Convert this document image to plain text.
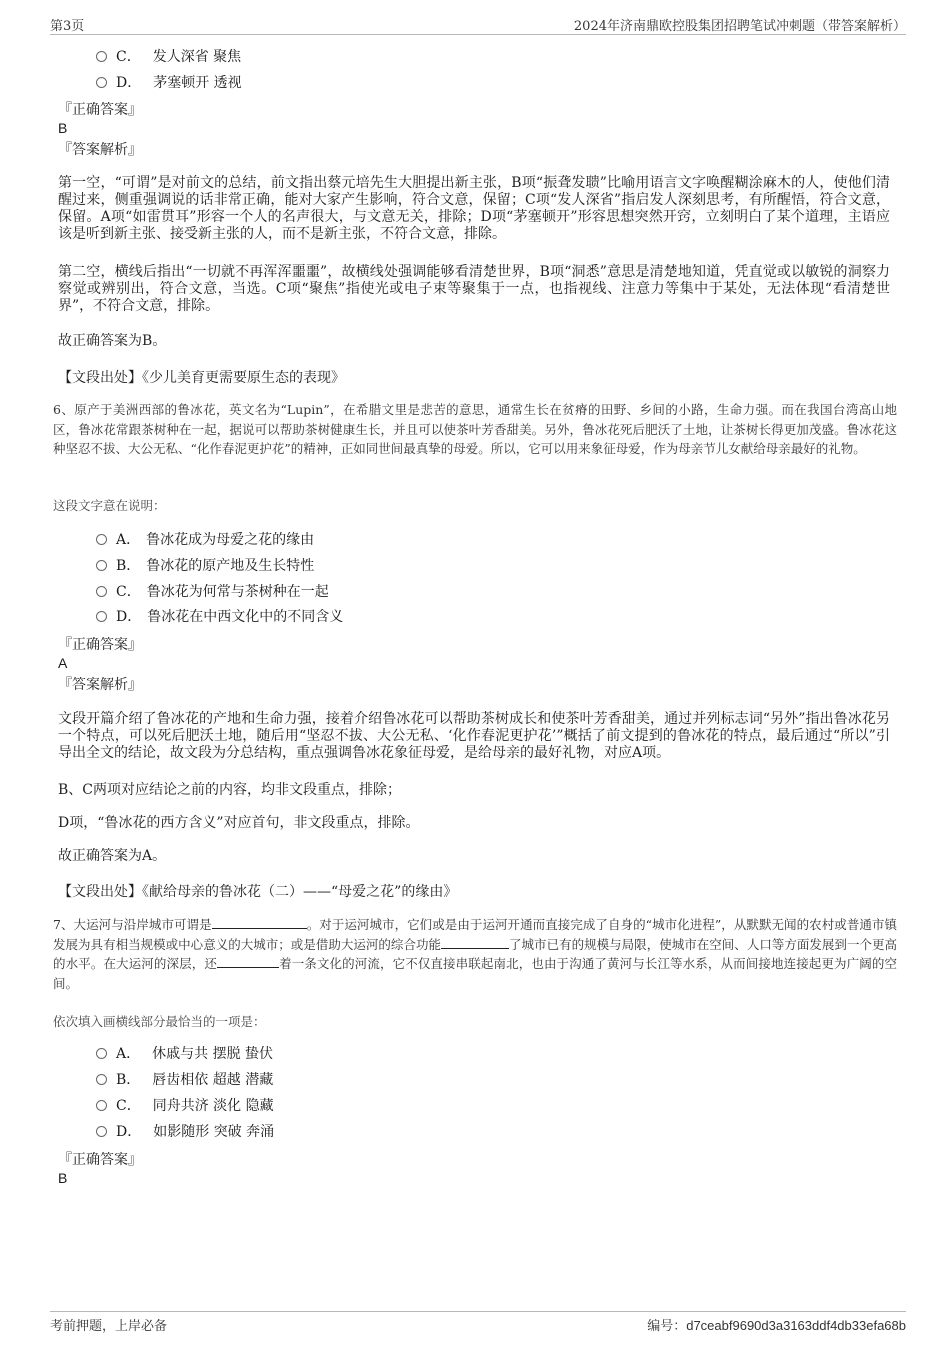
第3页	2024年济南鼎欧控股集团招聘笔试冲刺题（带答案解析）
C． 发人深省 聚焦
D． 茅塞顿开 透视
『正确答案』
B
『答案解析』
第一空，“可谓”是对前文的总结，前文指出蔡元培先生大胆提出新主张，B项“振聋发聩”比喻用语言文字唤醒糊涂麻木的人，使他们清醒过来，侧重强调说的话非常正确，能对大家产生影响，符合文意，保留；C项“发人深省”指启发人深刻思考，有所醒悟，符合文意，保留。A项“如雷贯耳”形容一个人的名声很大，与文意无关，排除；D项“茅塞顿开”形容思想突然开窍，立刻明白了某个道理，主语应该是听到新主张、接受新主张的人，而不是新主张，不符合文意，排除。
第二空，横线后指出“一切就不再浑浑噩噩”，故横线处强调能够看清楚世界，B项“洞悉”意思是清楚地知道，凭直觉或以敏锐的洞察力察觉或辨别出，符合文意，当选。C项“聚焦”指使光或电子束等聚集于一点，也指视线、注意力等集中于某处，无法体现“看清楚世界”，不符合文意，排除。
故正确答案为B。
【文段出处】《少儿美育更需要原生态的表现》
6、原产于美洲西部的鲁冰花，英文名为“Lupin”，在希腊文里是悲苦的意思，通常生长在贫瘠的田野、乡间的小路，生命力强。而在我国台湾高山地区，鲁冰花常跟茶树种在一起，据说可以帮助茶树健康生长，并且可以使茶叶芳香甜美。另外，鲁冰花死后肥沃了土地，让茶树长得更加茂盛。鲁冰花这种坚忍不拔、大公无私、“化作春泥更护花”的精神，正如同世间最真挚的母爱。所以，它可以用来象征母爱，作为母亲节儿女献给母亲最好的礼物。
这段文字意在说明：
A． 鲁冰花成为母爱之花的缘由
B． 鲁冰花的原产地及生长特性
C． 鲁冰花为何常与茶树种在一起
D． 鲁冰花在中西文化中的不同含义
『正确答案』
A
『答案解析』
文段开篇介绍了鲁冰花的产地和生命力强，接着介绍鲁冰花可以帮助茶树成长和使茶叶芳香甜美，通过并列标志词“另外”指出鲁冰花另一个特点，可以死后肥沃土地，随后用“坚忍不拔、大公无私、‘化作春泥更护花’”概括了前文提到的鲁冰花的特点，最后通过“所以”引导出全文的结论，故文段为分总结构，重点强调鲁冰花象征母爱，是给母亲的最好礼物，对应A项。
B、C两项对应结论之前的内容，均非文段重点，排除；
D项，“鲁冰花的西方含义”对应首句，非文段重点，排除。
故正确答案为A。
【文段出处】《献给母亲的鲁冰花（二）——“母爱之花”的缘由》
7、大运河与沿岸城市可谓是	。对于运河城市，它们或是由于运河开通而直接完成了自身的“城市化进程”，从默默无闻的农村或普通市镇发展为具有相当规模或中心意义的大城市；或是借助大运河的综合功能	了城市已有的规模与局限，使城市在空间、人口等方面发展到一个更高的水平。在大运河的深层，还	着一条文化的河流，它不仅直接串联起南北，也由于沟通了黄河与长江等水系，从而间接地连接起更为广阔的空间。
依次填入画横线部分最恰当的一项是：
A． 休戚与共 摆脱 蛰伏
B． 唇齿相依 超越 潜藏
C． 同舟共济 淡化 隐藏
D． 如影随形 突破 奔涌
『正确答案』
B
考前押题，上岸必备	编号：d7ceabf9690d3a3163ddf4db33efa68b
